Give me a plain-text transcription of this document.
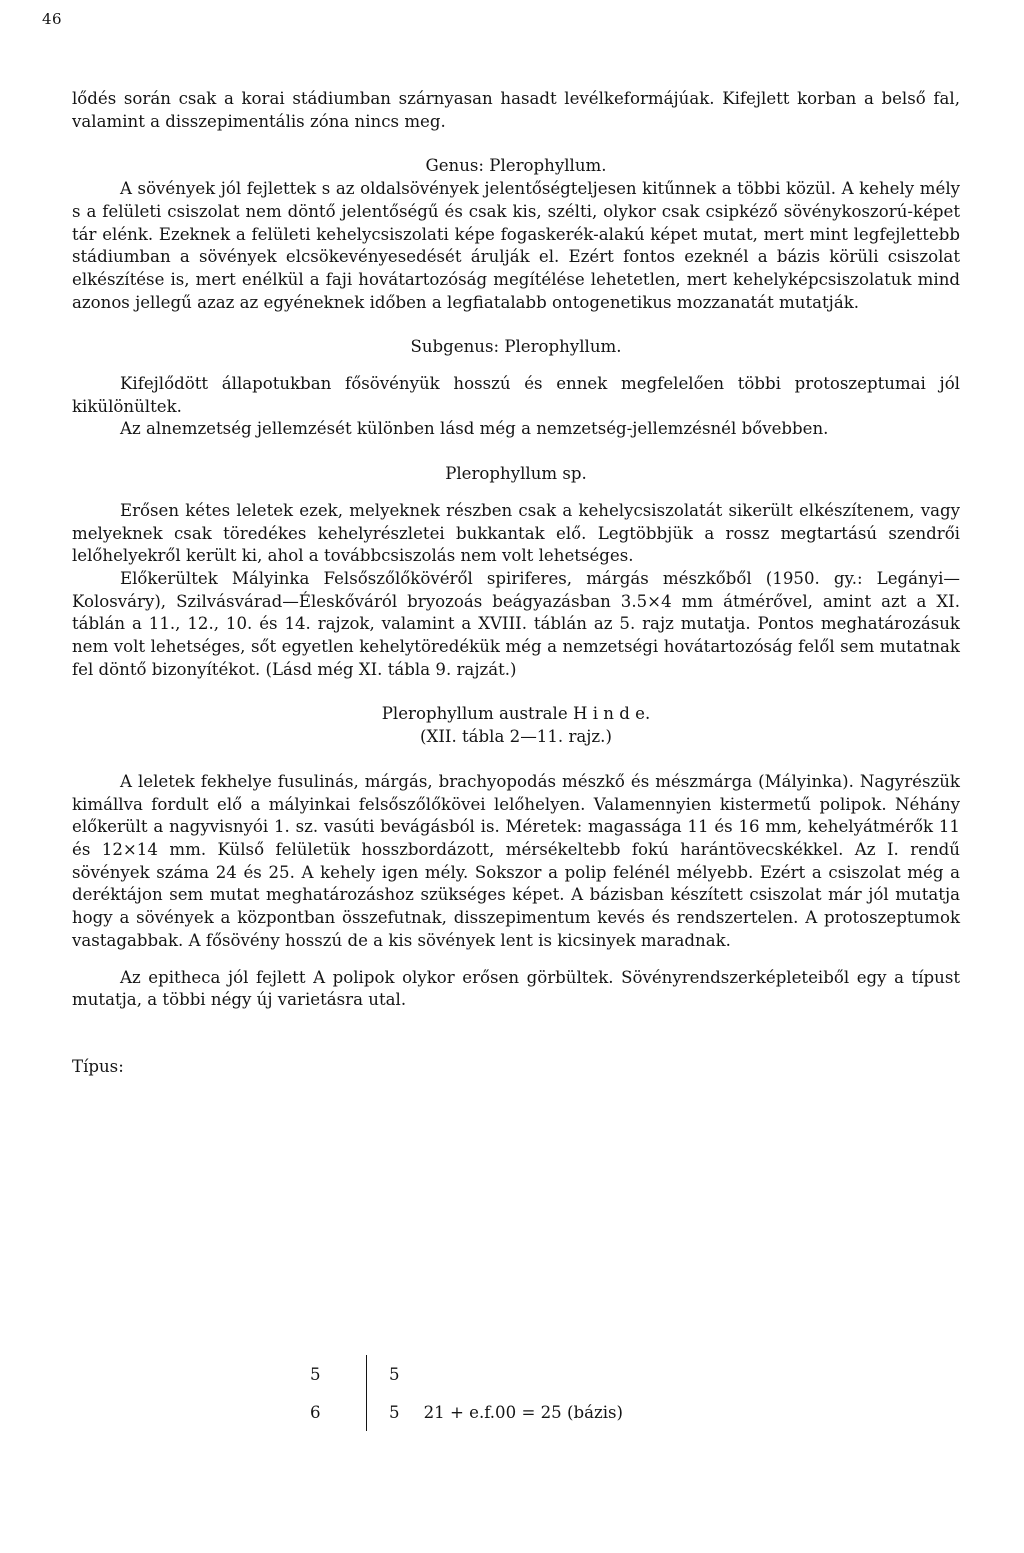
46

lődés során csak a korai stádiumban szárnyasan hasadt levélkeformájúak. Kifejlett korban a belső fal, valamint a disszepimentális zóna nincs meg.

Genus: Plerophyllum.

A sövények jól fejlettek s az oldalsövények jelentőségteljesen kitűnnek a többi közül. A kehely mély s a felületi csiszolat nem döntő jelentőségű és csak kis, szélti, olykor csak csipkéző sövénykoszorú-képet tár elénk. Ezeknek a felületi kehelycsiszolati képe fogaskerék-alakú képet mutat, mert mint legfejlettebb stádiumban a sövények elcsökevényesedését árulják el. Ezért fontos ezeknél a bázis körüli csiszolat elkészítése is, mert enélkül a faji hovátartozóság megítélése lehetetlen, mert kehelyképcsiszolatuk mind azonos jellegű azaz az egyéneknek időben a legfiatalabb ontogenetikus mozzanatát mutatják.

Subgenus: Plerophyllum.

Kifejlődött állapotukban fősövényük hosszú és ennek megfelelően többi protoszeptumai jól kikülönültek.

Az alnemzetség jellemzését különben lásd még a nemzetség-jellemzésnél bővebben.

Plerophyllum sp.

Erősen kétes leletek ezek, melyeknek részben csak a kehelycsiszolatát sikerült elkészítenem, vagy melyeknek csak töredékes kehelyrészletei bukkantak elő. Legtöbbjük a rossz megtartású szendrői lelőhelyekről került ki, ahol a továbbcsiszolás nem volt lehetséges.

Előkerültek Mályinka Felsőszőlőkövéről spiriferes, márgás mészkőből (1950. gy.: Legányi—Kolosváry), Szilvásvárad—Éleskőváról bryozoás beágyazásban 3.5×4 mm átmérővel, amint azt a XI. táblán a 11., 12., 10. és 14. rajzok, valamint a XVIII. táblán az 5. rajz mutatja. Pontos meghatározásuk nem volt lehetséges, sőt egyetlen kehelytöredékük még a nemzetségi hovátartozóság felől sem mutatnak fel döntő bizonyítékot. (Lásd még XI. tábla 9. rajzát.)

Plerophyllum australe H i n d e.

(XII. tábla 2—11. rajz.)

A leletek fekhelye fusulinás, márgás, brachyopodás mészkő és mészmárga (Mályinka). Nagyrészük kimállva fordult elő a mályinkai felsőszőlőkövei lelőhelyen. Valamennyien kistermetű polipok. Néhány előkerült a nagyvisnyói 1. sz. vasúti bevágásból is. Méretek: magassága 11 és 16 mm, kehelyátmérők 11 és 12×14 mm. Külső felületük hosszbordázott, mérsékeltebb fokú harántövecskékkel. Az I. rendű sövények száma 24 és 25. A kehely igen mély. Sokszor a polip felénél mélyebb. Ezért a csiszolat még a deréktájon sem mutat meghatározáshoz szükséges képet. A bázisban készített csiszolat már jól mutatja hogy a sövények a központban összefutnak, disszepimentum kevés és rendszertelen. A protoszeptumok vastagabbak. A fősövény hosszú de a kis sövények lent is kicsinyek maradnak.

Az epitheca jól fejlett A polipok olykor erősen görbültek. Sövényrendszerképleteiből egy a típust mutatja, a többi négy új varietásra utal.

Típus:

5	5
6	5 21 + e.f.00 = 25 (bázis)
